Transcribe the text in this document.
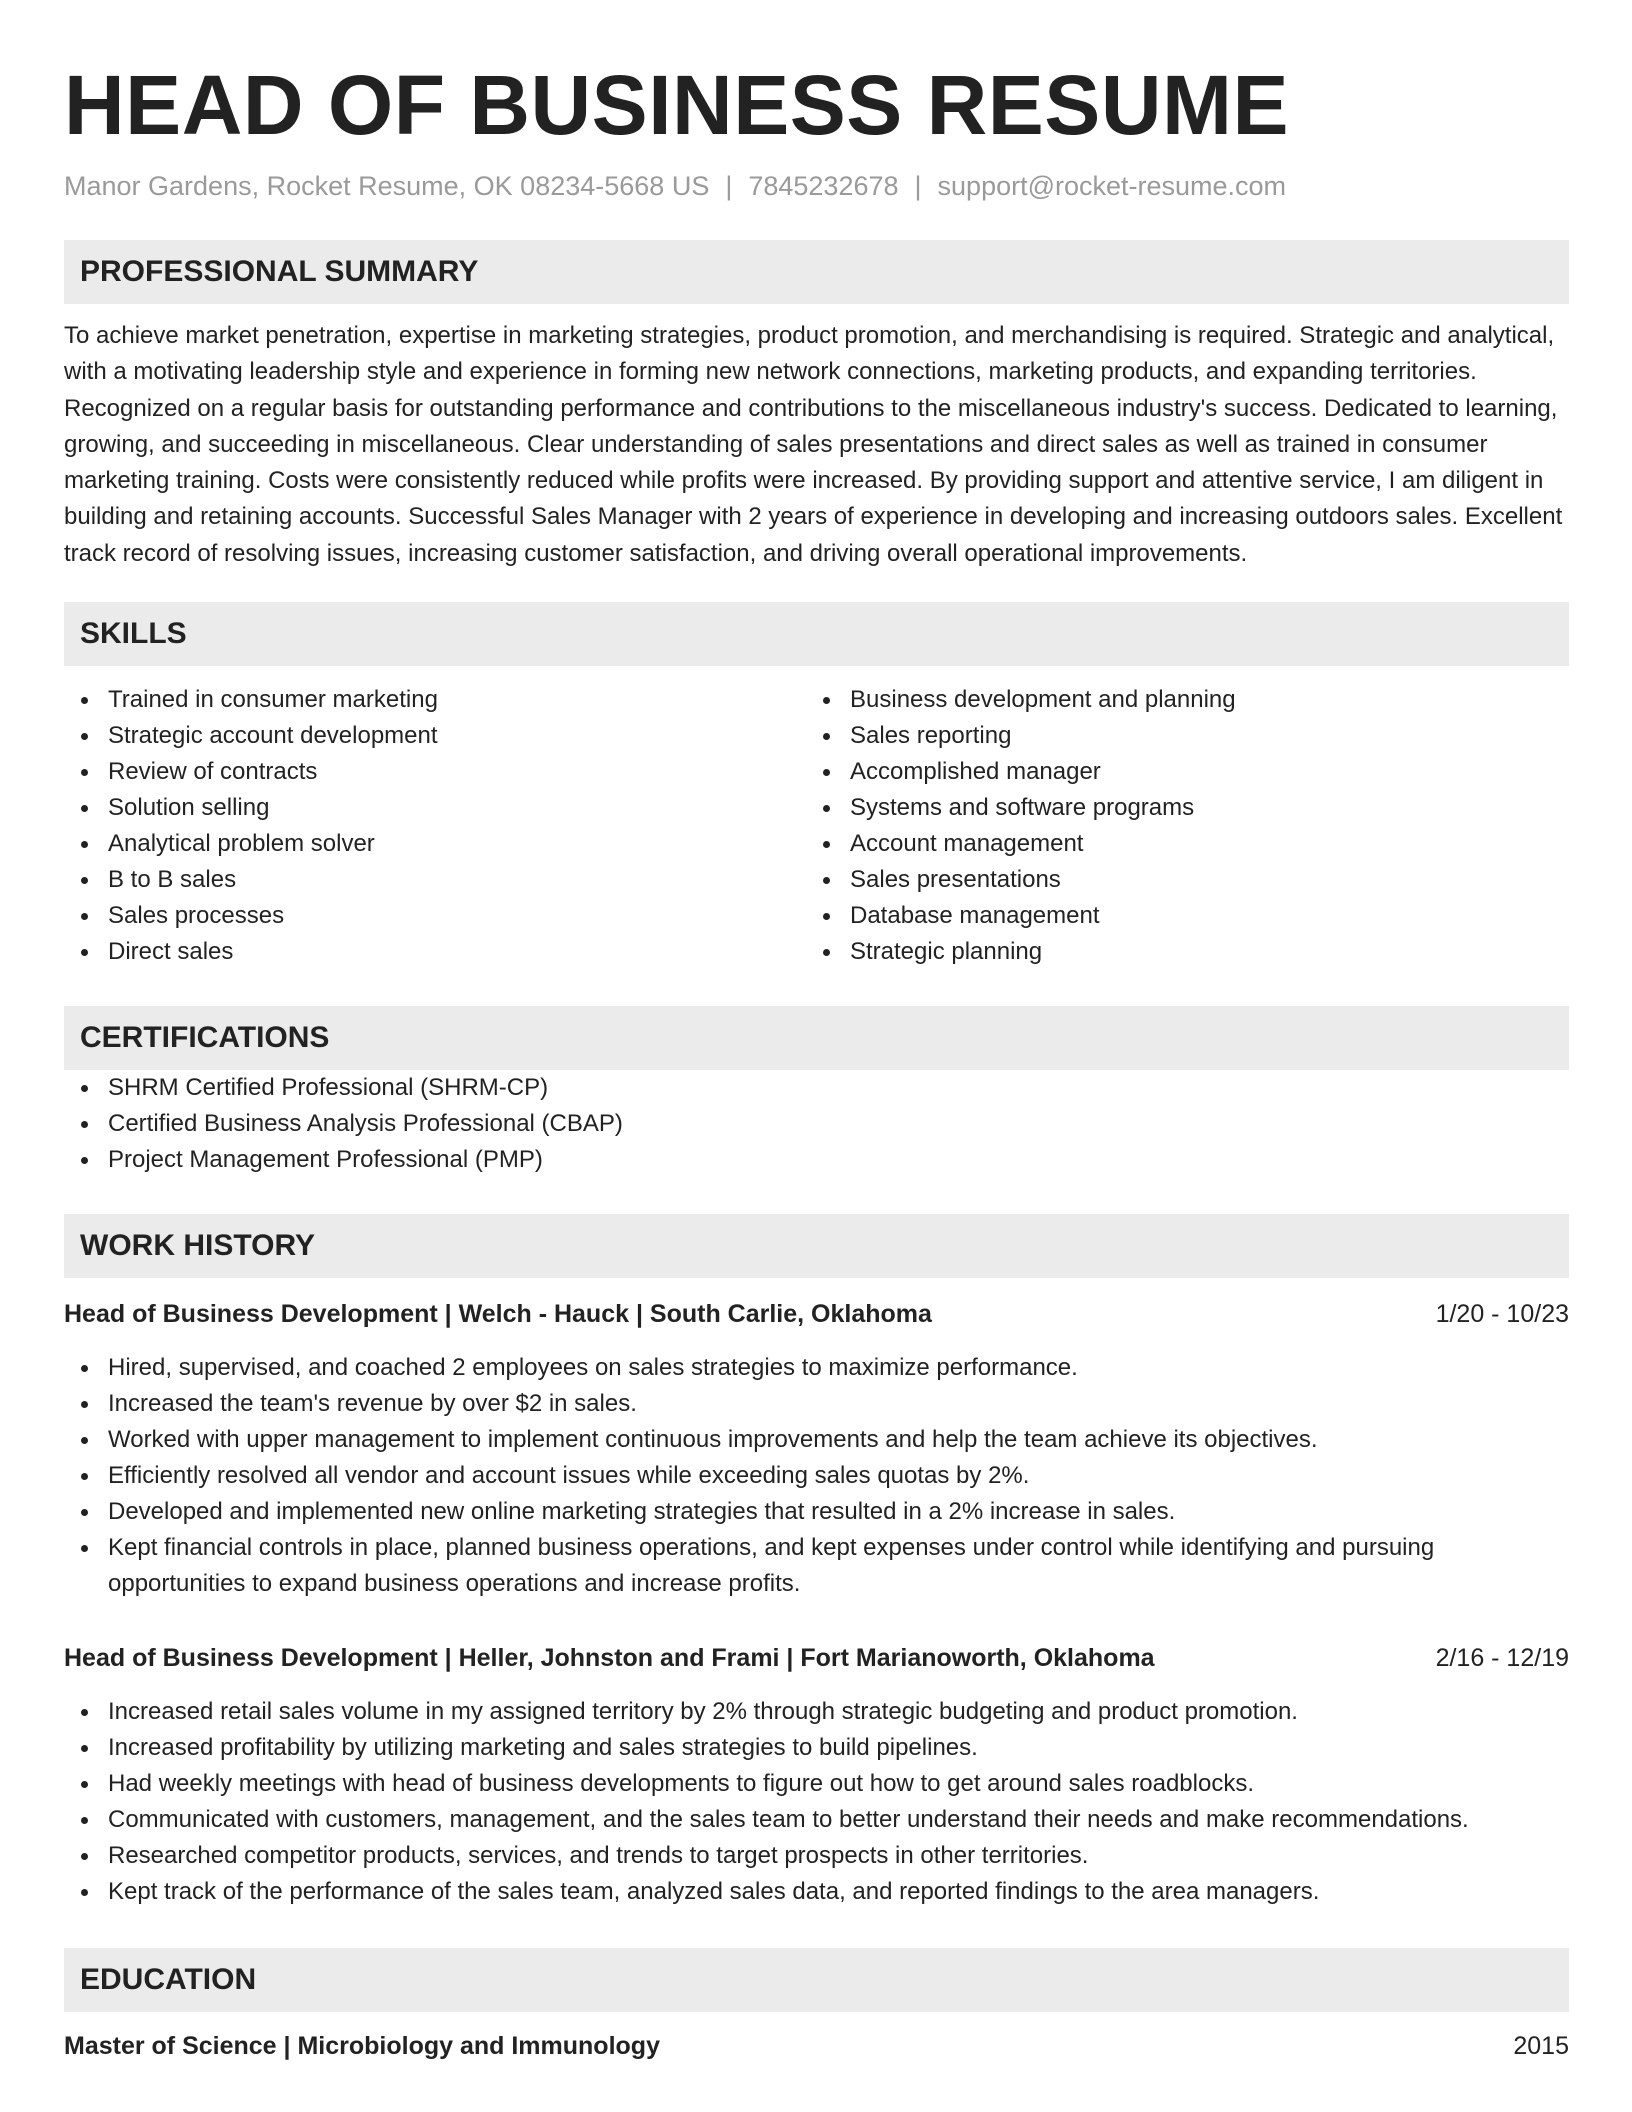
HEAD OF BUSINESS RESUME
Manor Gardens, Rocket Resume, OK 08234-5668 US | 7845232678 | support@rocket-resume.com
PROFESSIONAL SUMMARY

To achieve market penetration, expertise in marketing strategies, product promotion, and merchandising is required. Strategic and analytical, with a motivating leadership style and experience in forming new network connections, marketing products, and expanding territories. Recognized on a regular basis for outstanding performance and contributions to the miscellaneous industry's success. Dedicated to learning, growing, and succeeding in miscellaneous. Clear understanding of sales presentations and direct sales as well as trained in consumer marketing training. Costs were consistently reduced while profits were increased. By providing support and attentive service, I am diligent in building and retaining accounts. Successful Sales Manager with 2 years of experience in developing and increasing outdoors sales. Excellent track record of resolving issues, increasing customer satisfaction, and driving overall operational improvements.

SKILLS
Trained in consumer marketing
Strategic account development
Review of contracts
Solution selling
Analytical problem solver
B to B sales
Sales processes
Direct sales
Business development and planning
Sales reporting
Accomplished manager
Systems and software programs
Account management
Sales presentations
Database management
Strategic planning
CERTIFICATIONS
SHRM Certified Professional (SHRM-CP)
Certified Business Analysis Professional (CBAP)
Project Management Professional (PMP)
WORK HISTORY
Head of Business Development | Welch - Hauck | South Carlie, Oklahoma	1/20 - 10/23
Hired, supervised, and coached 2 employees on sales strategies to maximize performance.
Increased the team's revenue by over $2 in sales.
Worked with upper management to implement continuous improvements and help the team achieve its objectives.
Efficiently resolved all vendor and account issues while exceeding sales quotas by 2%.
Developed and implemented new online marketing strategies that resulted in a 2% increase in sales.
Kept financial controls in place, planned business operations, and kept expenses under control while identifying and pursuing opportunities to expand business operations and increase profits.
Head of Business Development | Heller, Johnston and Frami | Fort Marianoworth, Oklahoma	2/16 - 12/19
Increased retail sales volume in my assigned territory by 2% through strategic budgeting and product promotion.
Increased profitability by utilizing marketing and sales strategies to build pipelines.
Had weekly meetings with head of business developments to figure out how to get around sales roadblocks.
Communicated with customers, management, and the sales team to better understand their needs and make recommendations.
Researched competitor products, services, and trends to target prospects in other territories.
Kept track of the performance of the sales team, analyzed sales data, and reported findings to the area managers.
EDUCATION
Master of Science | Microbiology and Immunology	2015
